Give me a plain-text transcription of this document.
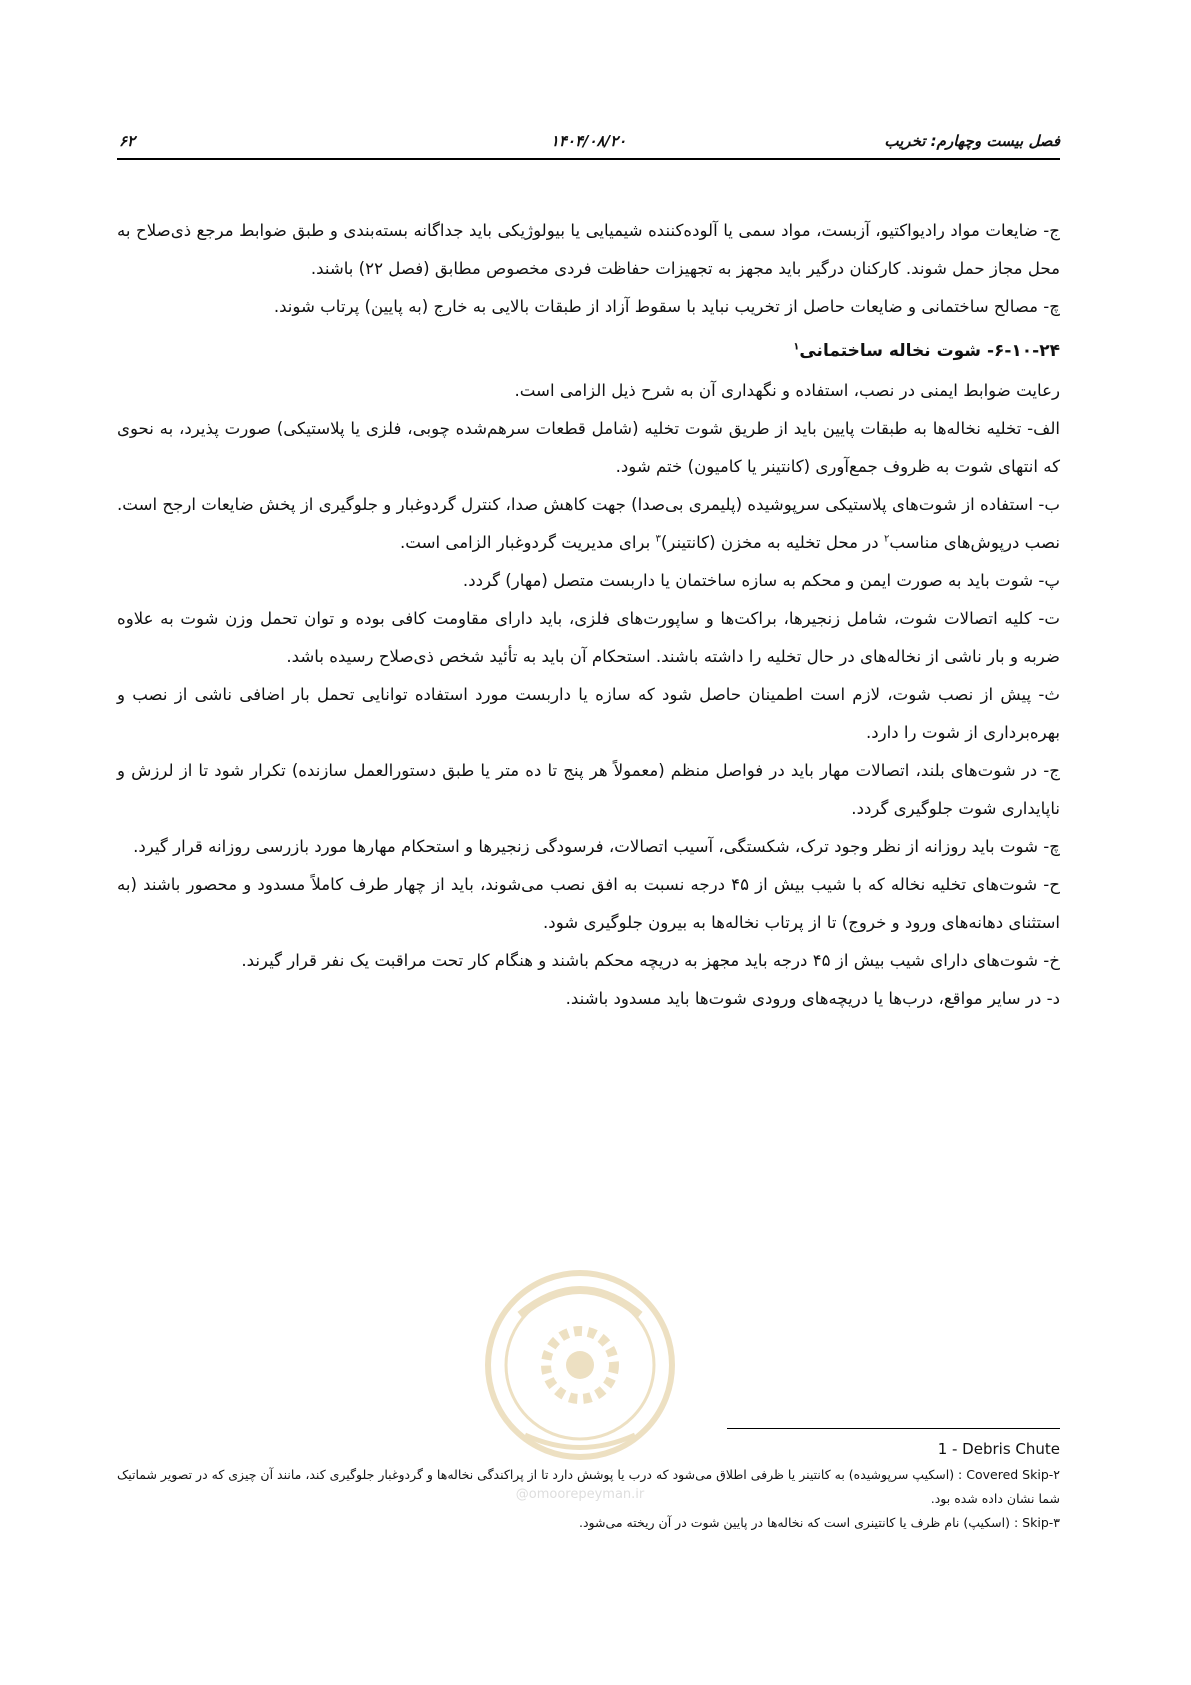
۶۲	۱۴۰۴/۰۸/۲۰	فصل بیست وچهارم: تخریب

ج- ضایعات مواد رادیواکتیو، آزبست، مواد سمی یا آلوده‌کننده شیمیایی یا بیولوژیکی باید جداگانه بسته‌بندی و طبق ضوابط مرجع ذی‌صلاح به محل مجاز حمل شوند. کارکنان درگیر باید مجهز به تجهیزات حفاظت فردی مخصوص مطابق (فصل ۲۲) باشند.

چ- مصالح ساختمانی و ضایعات حاصل از تخریب نباید با سقوط آزاد از طبقات بالایی به خارج (به پایین) پرتاب شوند.

۶-۱۰-۲۴- شوت نخاله ساختمانی$^۱$

رعایت ضوابط ایمنی در نصب، استفاده و نگهداری آن به شرح ذیل الزامی است.

الف- تخلیه نخاله‌ها به طبقات پایین باید از طریق شوت تخلیه (شامل قطعات سرهم‌شده چوبی، فلزی یا پلاستیکی) صورت پذیرد، به نحوی که انتهای شوت به ظروف جمع‌آوری (کانتینر یا کامیون) ختم شود.

ب- استفاده از شوت‌های پلاستیکی سرپوشیده (پلیمری بی‌صدا) جهت کاهش صدا، کنترل گردوغبار و جلوگیری از پخش ضایعات ارجح است. نصب درپوش‌های مناسب$^۲$ در محل تخلیه به مخزن (کانتینر)$^۳$ برای مدیریت گردوغبار الزامی است.

پ- شوت باید به صورت ایمن و محکم به سازه ساختمان یا داربست متصل (مهار) گردد.

ت- کلیه اتصالات شوت، شامل زنجیرها، براکت‌ها و ساپورت‌های فلزی، باید دارای مقاومت کافی بوده و توان تحمل وزن شوت به علاوه ضربه و بار ناشی از نخاله‌های در حال تخلیه را داشته باشند. استحکام آن باید به تأئید شخص ذی‌صلاح رسیده باشد.

ث- پیش از نصب شوت، لازم است اطمینان حاصل شود که سازه یا داربست مورد استفاده توانایی تحمل بار اضافی ناشی از نصب و بهره‌برداری از شوت را دارد.

ج- در شوت‌های بلند، اتصالات مهار باید در فواصل منظم (معمولاً هر پنج تا ده متر یا طبق دستورالعمل سازنده) تکرار شود تا از لرزش و ناپایداری شوت جلوگیری گردد.

چ- شوت باید روزانه از نظر وجود ترک، شکستگی، آسیب اتصالات، فرسودگی زنجیرها و استحکام مهارها مورد بازرسی روزانه قرار گیرد.

ح- شوت‌های تخلیه نخاله که با شیب بیش از ۴۵ درجه نسبت به افق نصب می‌شوند، باید از چهار طرف کاملاً مسدود و محصور باشند (به استثنای دهانه‌های ورود و خروج) تا از پرتاب نخاله‌ها به بیرون جلوگیری شود.

خ- شوت‌های دارای شیب بیش از ۴۵ درجه باید مجهز به دریچه محکم باشند و هنگام کار تحت مراقبت یک نفر قرار گیرند.

د- در سایر مواقع، درب‌ها یا دریچه‌های ورودی شوت‌ها باید مسدود باشند.

@omoorepeyman.ir

1 - Debris Chute

۲-Covered Skip : (اسکیپ سرپوشیده) به کانتینر یا ظرفی اطلاق می‌شود که درب یا پوشش دارد تا از پراکندگی نخاله‌ها و گردوغبار جلوگیری کند، مانند آن چیزی که در تصویر شماتیک شما نشان داده شده بود.

۳-Skip : (اسکیپ) نام ظرف یا کانتینری است که نخاله‌ها در پایین شوت در آن ریخته می‌شود.
